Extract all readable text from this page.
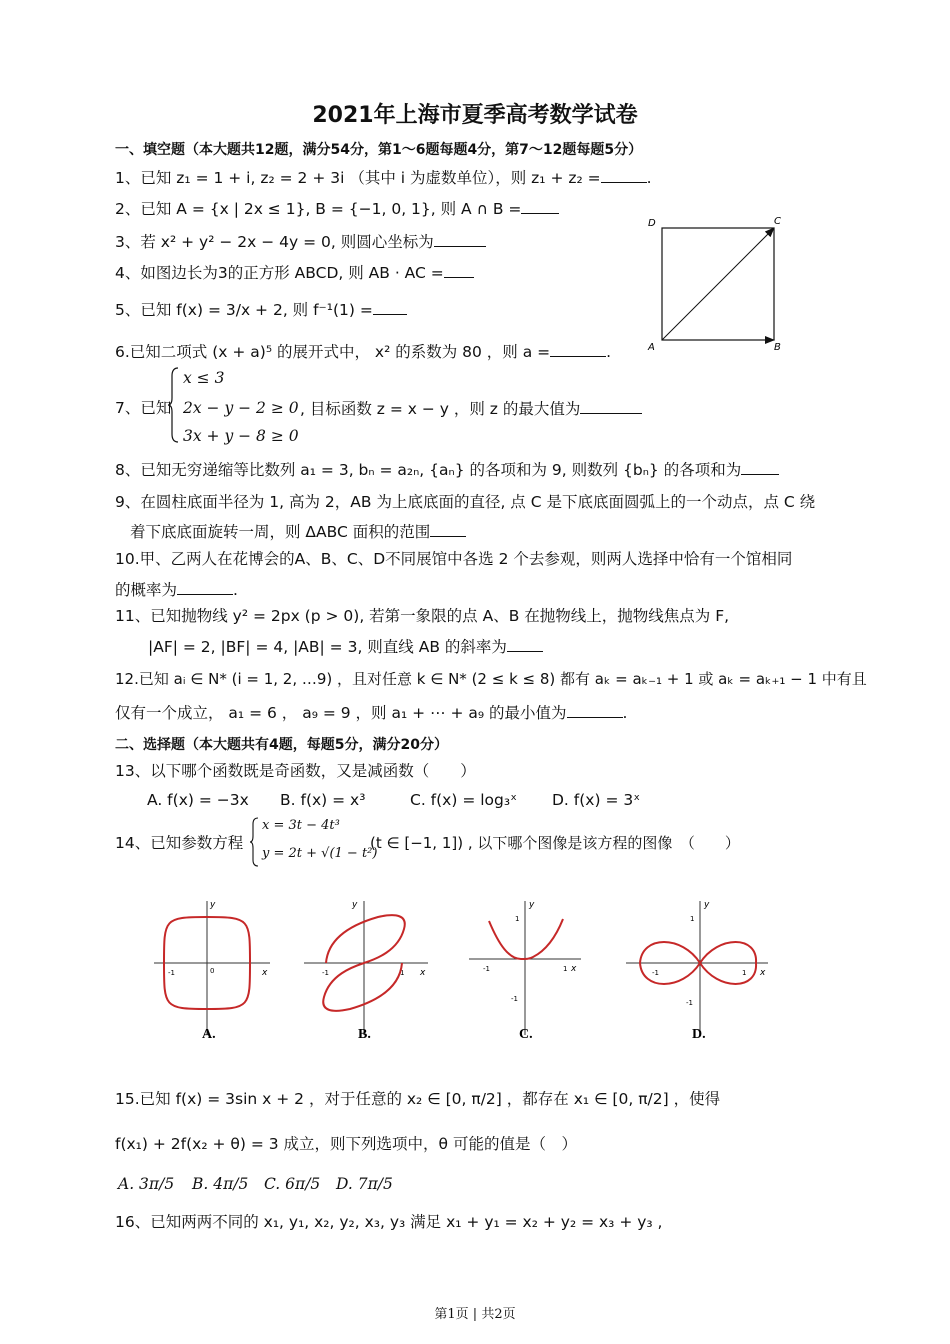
2021年上海市夏季高考数学试卷
一、填空题（本大题共12题，满分54分，第1～6题每题4分，第7～12题每题5分）
1、已知 z₁ = 1 + i, z₂ = 2 + 3i （其中 i 为虚数单位），则 z₁ + z₂ =	.
2、已知 A = {x | 2x ≤ 1}, B = {−1, 0, 1}, 则 A ∩ B =
3、若 x² + y² − 2x − 4y = 0, 则圆心坐标为
4、如图边长为3的正方形 ABCD, 则 AB · AC =
5、已知 f(x) = 3/x + 2, 则 f⁻¹(1) =
6.已知二项式 (x + a)⁵ 的展开式中， x² 的系数为 80 ，则 a =	.
7、已知
x ≤ 3
2x − y − 2 ≥ 0
3x + y − 8 ≥ 0
, 目标函数 z = x − y ，则 z 的最大值为
8、已知无穷递缩等比数列 a₁ = 3, bₙ = a₂ₙ, {aₙ} 的各项和为 9, 则数列 {bₙ} 的各项和为
9、在圆柱底面半径为 1, 高为 2，AB 为上底底面的直径, 点 C 是下底底面圆弧上的一个动点，点 C 绕
着下底底面旋转一周，则 ΔABC 面积的范围
10.甲、乙两人在花博会的A、B、C、D不同展馆中各选 2 个去参观，则两人选择中恰有一个馆相同
的概率为	.
11、已知抛物线 y² = 2px (p > 0), 若第一象限的点 A、B 在抛物线上，抛物线焦点为 F,
|AF| = 2, |BF| = 4, |AB| = 3, 则直线 AB 的斜率为
12.已知 aᵢ ∈ N* (i = 1, 2, …9) ，且对任意 k ∈ N* (2 ≤ k ≤ 8) 都有 aₖ = aₖ₋₁ + 1 或 aₖ = aₖ₊₁ − 1 中有且
仅有一个成立， a₁ = 6 ， a₉ = 9 ，则 a₁ + ⋯ + a₉ 的最小值为	.
D	C
A	B
二、选择题（本大题共有4题，每题5分，满分20分）
13、以下哪个函数既是奇函数，又是减函数（　　）
A. f(x) = −3x B. f(x) = x³	C. f(x) = log₃ˣ D. f(x) = 3ˣ
14、已知参数方程
x = 3t − 4t³
y = 2t + √(1 − t²)
(t ∈ [−1, 1]) , 以下哪个图像是该方程的图像　（　　）
x
y
-1	0
A.
x
y
-1	1
B.
x
y
-1	1
1
-1
C.
x
y
-1	1
1
-1
D.
15.已知 f(x) = 3sin x + 2 ，对于任意的 x₂ ∈ [0, π/2] ，都存在 x₁ ∈ [0, π/2] ，使得
f(x₁) + 2f(x₂ + θ) = 3 成立，则下列选项中，θ 可能的值是（　）
A. 3π/5 B. 4π/5 C. 6π/5 D. 7π/5
16、已知两两不同的 x₁, y₁, x₂, y₂, x₃, y₃ 满足 x₁ + y₁ = x₂ + y₂ = x₃ + y₃ ,
第1页 | 共2页
